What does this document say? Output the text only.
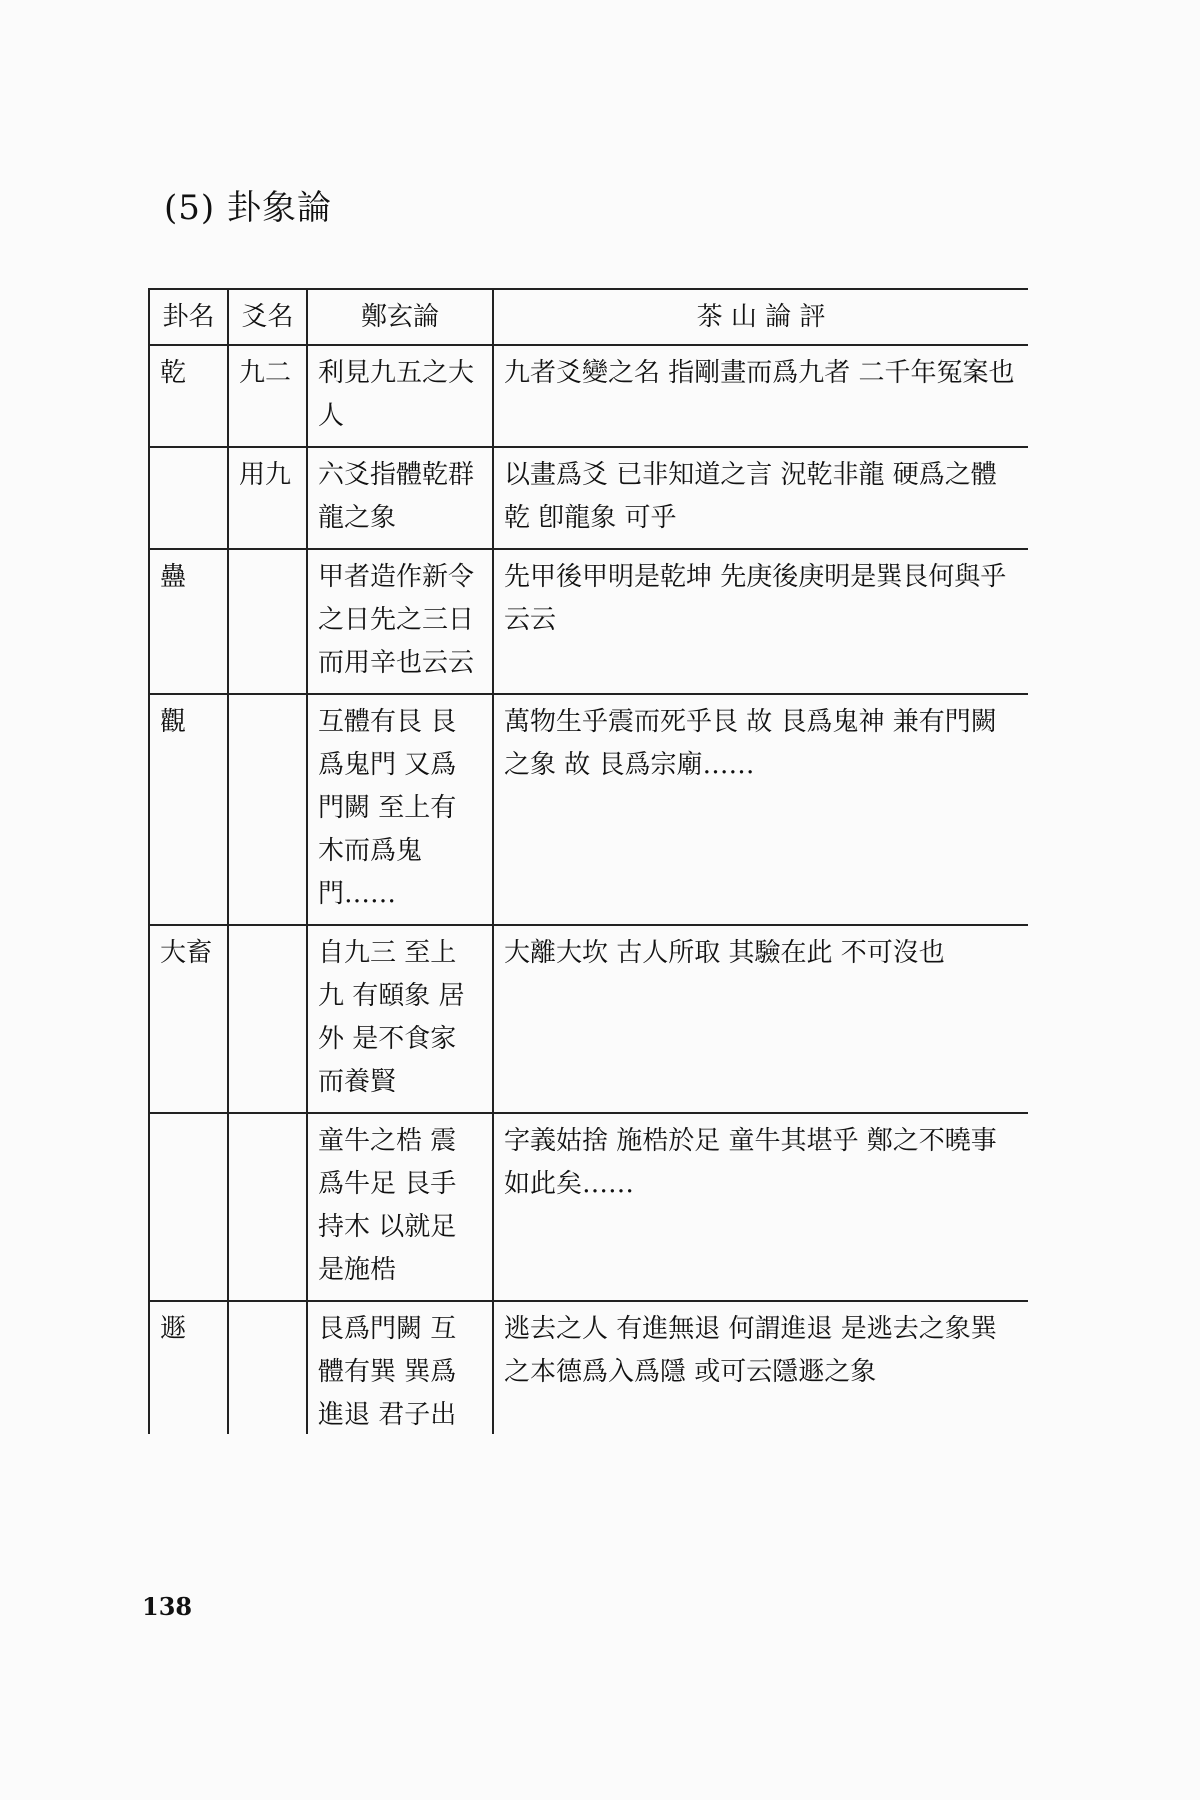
(5) 卦象論
卦名	爻名	鄭玄論	茶 山 論 評
乾	九二	利見九五之大人	九者爻變之名 指剛畫而爲九者 二千年冤案也
	用九	六爻指體乾群龍之象	以畫爲爻 已非知道之言 況乾非龍 硬爲之體乾 卽龍象 可乎
蠱		甲者造作新令之日先之三日而用辛也云云	先甲後甲明是乾坤 先庚後庚明是巽艮何與乎云云
觀		互體有艮 艮爲鬼門 又爲門闕 至上有木而爲鬼門……	萬物生乎震而死乎艮 故 艮爲鬼神 兼有門闕之象 故 艮爲宗廟……
大畜		自九三 至上九 有頤象 居外 是不食家而養賢	大離大坎 古人所取 其驗在此 不可沒也
		童牛之梏 震爲牛足 艮手持木 以就足是施梏	字義姑捨 施梏於足 童牛其堪乎 鄭之不曉事 如此矣……
遯		艮爲門闕 互體有巽 巽爲進退 君子出	逃去之人 有進無退 何謂進退 是逃去之象巽之本德爲入爲隱 或可云隱遯之象
138
